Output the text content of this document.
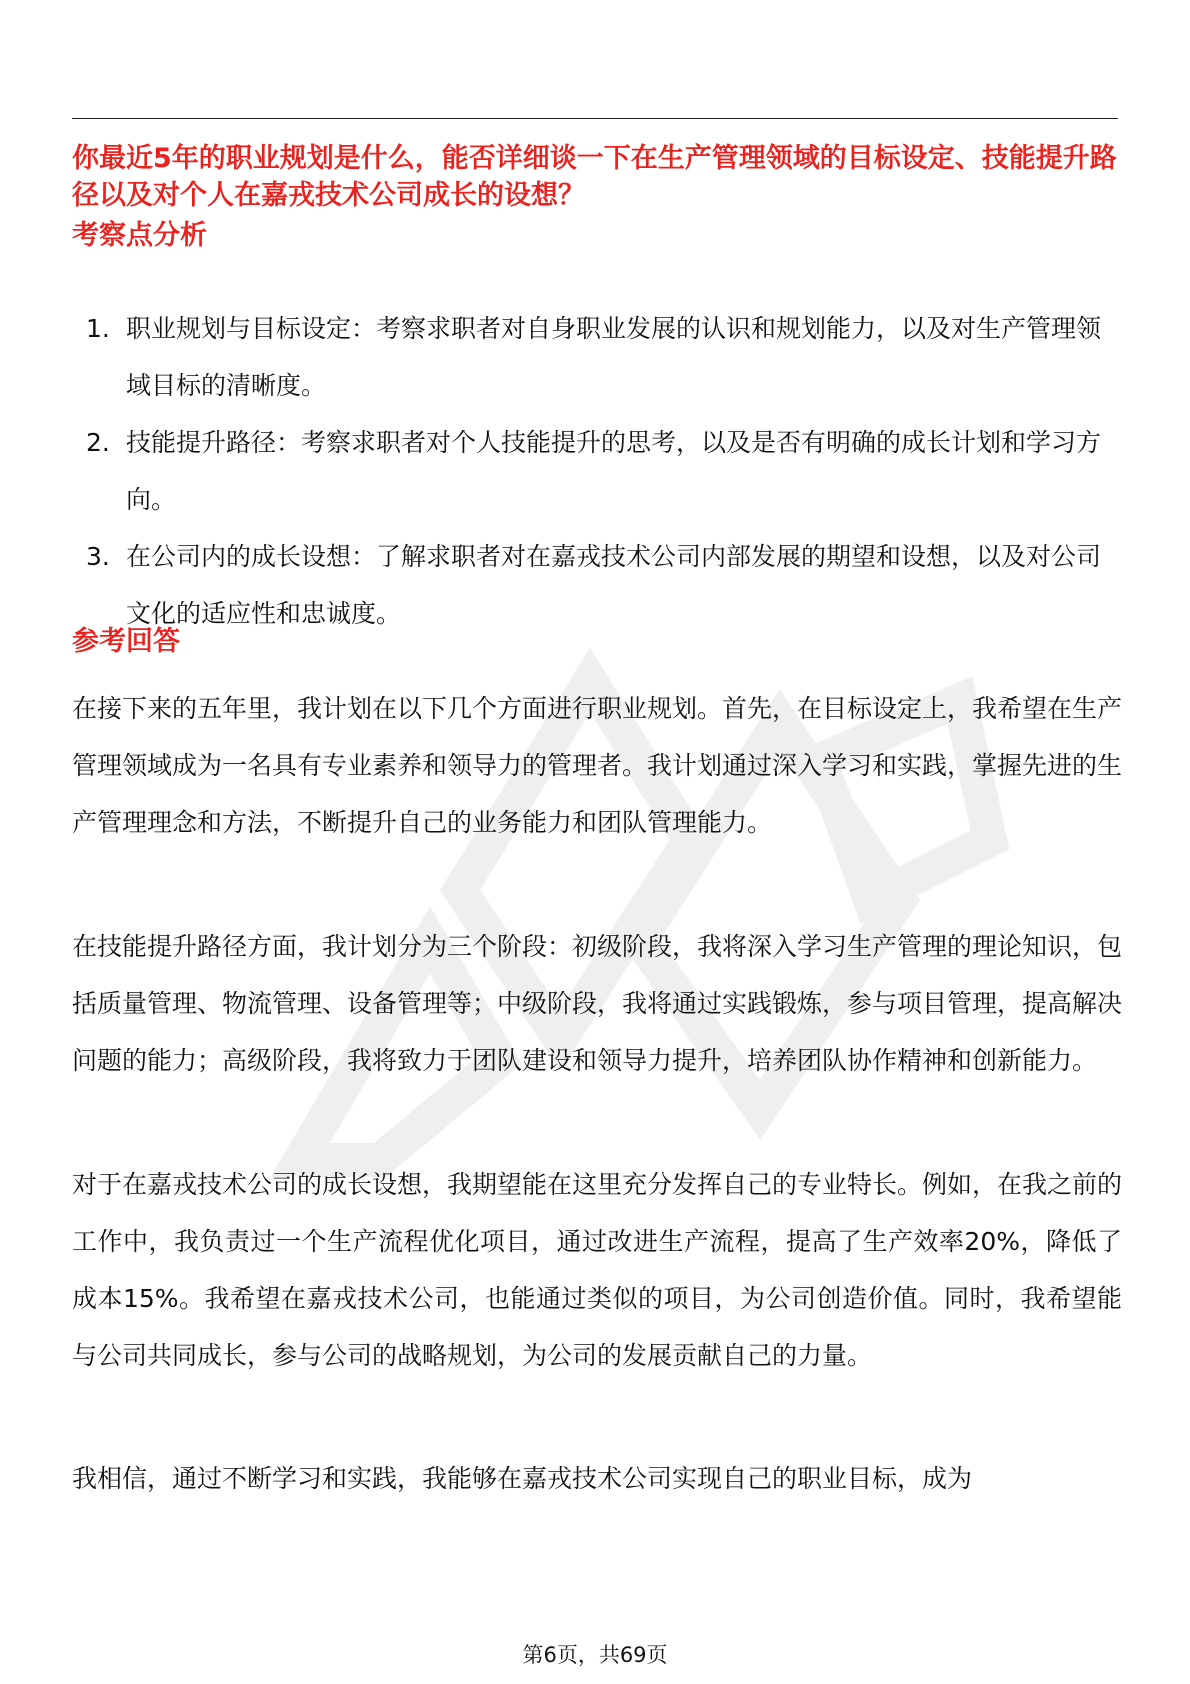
你最近5年的职业规划是什么，能否详细谈一下在生产管理领域的目标设定、技能提升路径以及对个人在嘉戎技术公司成长的设想？

考察点分析
1. 职业规划与目标设定：考察求职者对自身职业发展的认识和规划能力，以及对生产管理领域目标的清晰度。
2. 技能提升路径：考察求职者对个人技能提升的思考，以及是否有明确的成长计划和学习方向。
3. 在公司内的成长设想：了解求职者对在嘉戎技术公司内部发展的期望和设想，以及对公司文化的适应性和忠诚度。
参考回答

在接下来的五年里，我计划在以下几个方面进行职业规划。首先，在目标设定上，我希望在生产管理领域成为一名具有专业素养和领导力的管理者。我计划通过深入学习和实践，掌握先进的生产管理理念和方法，不断提升自己的业务能力和团队管理能力。

在技能提升路径方面，我计划分为三个阶段：初级阶段，我将深入学习生产管理的理论知识，包括质量管理、物流管理、设备管理等；中级阶段，我将通过实践锻炼，参与项目管理，提高解决问题的能力；高级阶段，我将致力于团队建设和领导力提升，培养团队协作精神和创新能力。

对于在嘉戎技术公司的成长设想，我期望能在这里充分发挥自己的专业特长。例如，在我之前的工作中，我负责过一个生产流程优化项目，通过改进生产流程，提高了生产效率20%，降低了成本15%。我希望在嘉戎技术公司，也能通过类似的项目，为公司创造价值。同时，我希望能与公司共同成长，参与公司的战略规划，为公司的发展贡献自己的力量。

我相信，通过不断学习和实践，我能够在嘉戎技术公司实现自己的职业目标，成为

第6页，共69页
